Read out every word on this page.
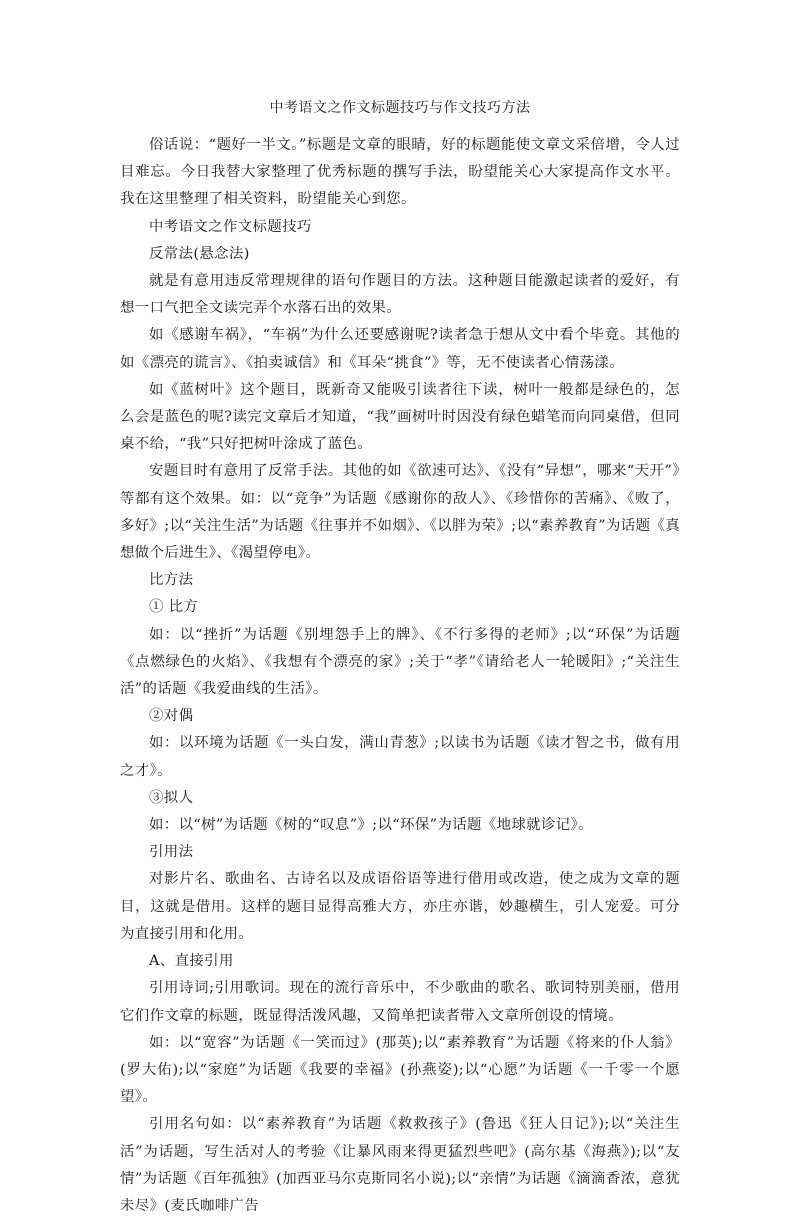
中考语文之作文标题技巧与作文技巧方法

俗话说：“题好一半文。”标题是文章的眼睛，好的标题能使文章文采倍增，令人过目难忘。今日我替大家整理了优秀标题的撰写手法，盼望能关心大家提高作文水平。我在这里整理了相关资料，盼望能关心到您。

中考语文之作文标题技巧

反常法(悬念法)

就是有意用违反常理规律的语句作题目的方法。这种题目能激起读者的爱好，有想一口气把全文读完弄个水落石出的效果。

如《感谢车祸》，“车祸”为什么还要感谢呢?读者急于想从文中看个毕竟。其他的如《漂亮的谎言》、《拍卖诚信》和《耳朵“挑食”》等，无不使读者心情荡漾。

如《蓝树叶》这个题目，既新奇又能吸引读者往下读，树叶一般都是绿色的，怎么会是蓝色的呢?读完文章后才知道，“我”画树叶时因没有绿色蜡笔而向同桌借，但同桌不给，“我”只好把树叶涂成了蓝色。

安题目时有意用了反常手法。其他的如《欲速可达》、《没有“异想”，哪来“天开”》等都有这个效果。如：以“竞争”为话题《感谢你的敌人》、《珍惜你的苦痛》、《败了，多好》;以“关注生活”为话题《往事并不如烟》、《以胖为荣》;以“素养教育”为话题《真想做个后进生》、《渴望停电》。

比方法

① 比方

如：以“挫折”为话题《别埋怨手上的牌》、《不行多得的老师》;以“环保”为话题《点燃绿色的火焰》、《我想有个漂亮的家》;关于“孝”《请给老人一轮暖阳》;“关注生活”的话题《我爱曲线的生活》。

②对偶

如：以环境为话题《一头白发，满山青葱》;以读书为话题《读才智之书，做有用之才》。

③拟人

如：以“树”为话题《树的“叹息”》;以“环保”为话题《地球就诊记》。

引用法

对影片名、歌曲名、古诗名以及成语俗语等进行借用或改造，使之成为文章的题目，这就是借用。这样的题目显得高雅大方，亦庄亦谐，妙趣横生，引人宠爱。可分为直接引用和化用。

A、直接引用

引用诗词;引用歌词。现在的流行音乐中，不少歌曲的歌名、歌词特别美丽，借用它们作文章的标题，既显得活泼风趣，又简单把读者带入文章所创设的情境。

如：以“宽容”为话题《一笑而过》(那英);以“素养教育”为话题《将来的仆人翁》(罗大佑);以“家庭”为话题《我要的幸福》(孙燕姿);以“心愿”为话题《一千零一个愿望》。

引用名句如：以“素养教育”为话题《救救孩子》(鲁迅《狂人日记》);以“关注生活”为话题，写生活对人的考验《让暴风雨来得更猛烈些吧》(高尔基《海燕》);以“友情”为话题《百年孤独》(加西亚马尔克斯同名小说);以“亲情”为话题《滴滴香浓，意犹未尽》(麦氏咖啡广告
